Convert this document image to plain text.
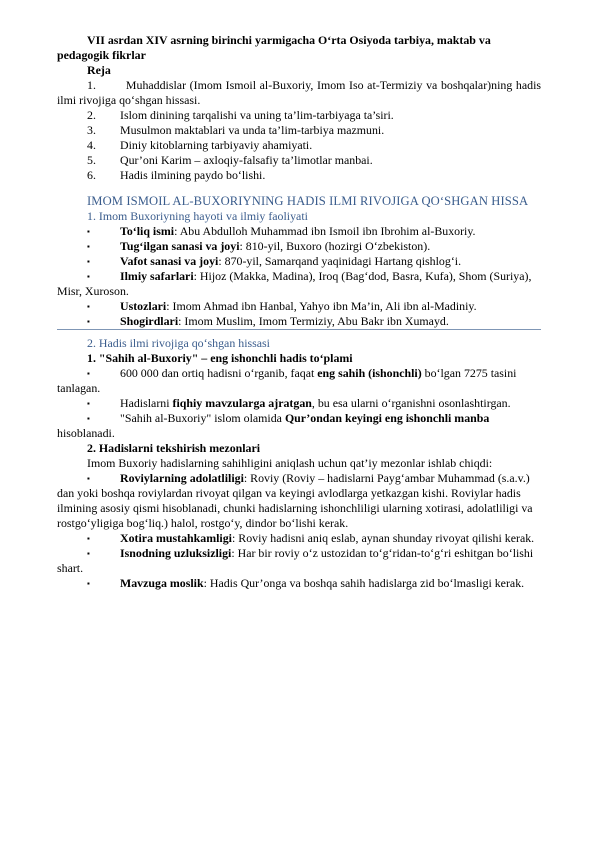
VII asrdan XIV asrning birinchi yarmigacha O‘rta Osiyoda tarbiya, maktab va pedagogik fikrlar

Reja

1.	Muhaddislar (Imom Ismoil al-Buxoriy, Imom Iso at-Termiziy va boshqalar)ning hadis ilmi rivojiga qo‘shgan hissasi.

2. Islom dinining tarqalishi va uning ta’lim-tarbiyaga ta’siri.

3. Musulmon maktablari va unda ta’lim-tarbiya mazmuni.

4. Diniy kitoblarning tarbiyaviy ahamiyati.

5. Qur’oni Karim – axloqiy-falsafiy ta’limotlar manbai.

6. Hadis ilmining paydo bo‘lishi.

IMOM ISMOIL AL-BUXORIYNING HADIS ILMI RIVOJIGA QO‘SHGAN HISSA

1. Imom Buxoriyning hayoti va ilmiy faoliyati

▪	To‘liq ismi: Abu Abdulloh Muhammad ibn Ismoil ibn Ibrohim al-Buxoriy.

▪	Tug‘ilgan sanasi va joyi: 810-yil, Buxoro (hozirgi O‘zbekiston).

▪	Vafot sanasi va joyi: 870-yil, Samarqand yaqinidagi Hartang qishlog‘i.

▪	Ilmiy safarlari: Hijoz (Makka, Madina), Iroq (Bag‘dod, Basra, Kufa), Shom (Suriya), Misr, Xuroson.

▪	Ustozlari: Imom Ahmad ibn Hanbal, Yahyo ibn Ma’in, Ali ibn al-Madiniy.

▪	Shogirdlari: Imom Muslim, Imom Termiziy, Abu Bakr ibn Xumayd.

2. Hadis ilmi rivojiga qo‘shgan hissasi

1. "Sahih al-Buxoriy" – eng ishonchli hadis to‘plami

▪	600 000 dan ortiq hadisni o‘rganib, faqat eng sahih (ishonchli) bo‘lgan 7275 tasini tanlagan.

▪	Hadislarni fiqhiy mavzularga ajratgan, bu esa ularni o‘rganishni osonlashtirgan.

▪	"Sahih al-Buxoriy" islom olamida Qur’ondan keyingi eng ishonchli manba hisoblanadi.

2. Hadislarni tekshirish mezonlari

Imom Buxoriy hadislarning sahihligini aniqlash uchun qat’iy mezonlar ishlab chiqdi:

▪	Roviylarning adolatliligi: Roviy (Roviy – hadislarni Payg‘ambar Muhammad (s.a.v.) dan yoki boshqa roviylardan rivoyat qilgan va keyingi avlodlarga yetkazgan kishi. Roviylar hadis ilmining asosiy qismi hisoblanadi, chunki hadislarning ishonchliligi ularning xotirasi, adolatliligi va rostgo‘yligiga bog‘liq.) halol, rostgo‘y, dindor bo‘lishi kerak.

▪	Xotira mustahkamligi: Roviy hadisni aniq eslab, aynan shunday rivoyat qilishi kerak.

▪	Isnodning uzluksizligi: Har bir roviy o‘z ustozidan to‘g‘ridan-to‘g‘ri eshitgan bo‘lishi shart.

▪	Mavzuga moslik: Hadis Qur’onga va boshqa sahih hadislarga zid bo‘lmasligi kerak.
